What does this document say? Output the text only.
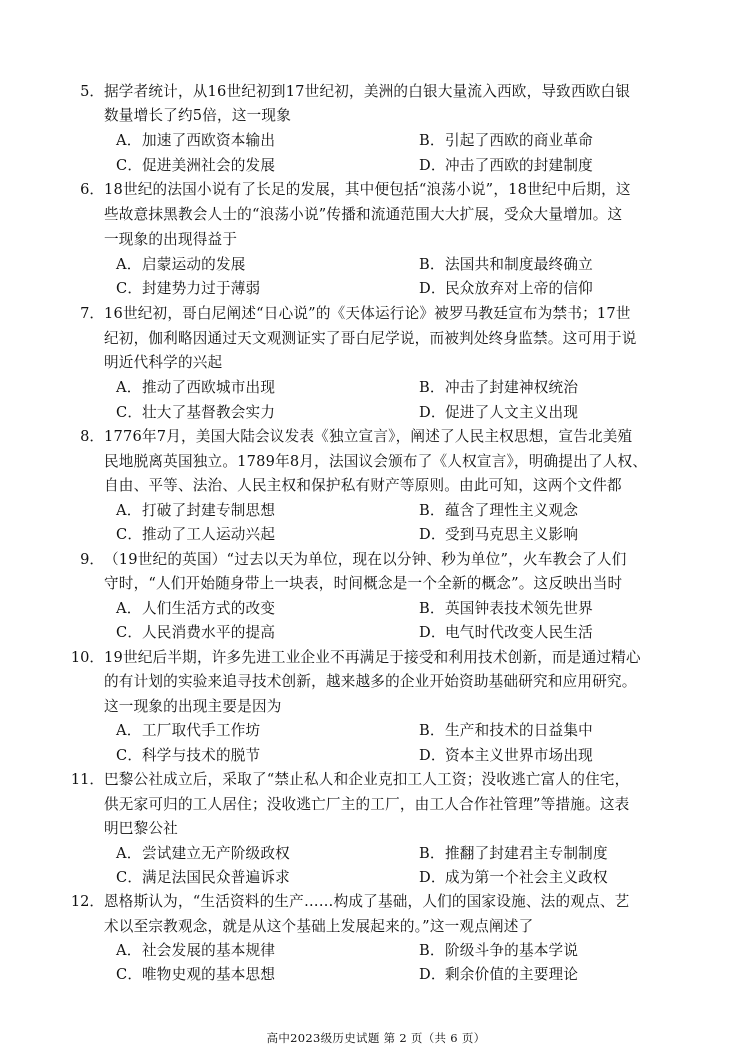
5． 据学者统计，从16世纪初到17世纪初，美洲的白银大量流入西欧，导致西欧白银
数量增长了约5倍，这一现象
A．加速了西欧资本输出	B．引起了西欧的商业革命
C．促进美洲社会的发展	D．冲击了西欧的封建制度
6． 18世纪的法国小说有了长足的发展，其中便包括“浪荡小说”，18世纪中后期，这
些故意抹黑教会人士的“浪荡小说”传播和流通范围大大扩展，受众大量增加。这
一现象的出现得益于
A．启蒙运动的发展	B．法国共和制度最终确立
C．封建势力过于薄弱	D．民众放弃对上帝的信仰
7． 16世纪初，哥白尼阐述“日心说”的《天体运行论》被罗马教廷宣布为禁书；17世
纪初，伽利略因通过天文观测证实了哥白尼学说，而被判处终身监禁。这可用于说
明近代科学的兴起
A．推动了西欧城市出现	B．冲击了封建神权统治
C．壮大了基督教会实力	D．促进了人文主义出现
8． 1776年7月，美国大陆会议发表《独立宣言》，阐述了人民主权思想，宣告北美殖
民地脱离英国独立。1789年8月，法国议会颁布了《人权宣言》，明确提出了人权、
自由、平等、法治、人民主权和保护私有财产等原则。由此可知，这两个文件都
A．打破了封建专制思想	B．蕴含了理性主义观念
C．推动了工人运动兴起	D．受到马克思主义影响
9． （19世纪的英国）“过去以天为单位，现在以分钟、秒为单位”，火车教会了人们
守时，“人们开始随身带上一块表，时间概念是一个全新的概念”。这反映出当时
A．人们生活方式的改变	B．英国钟表技术领先世界
C．人民消费水平的提高	D．电气时代改变人民生活
10． 19世纪后半期，许多先进工业企业不再满足于接受和利用技术创新，而是通过精心
的有计划的实验来追寻技术创新，越来越多的企业开始资助基础研究和应用研究。
这一现象的出现主要是因为
A．工厂取代手工作坊	B．生产和技术的日益集中
C．科学与技术的脱节	D．资本主义世界市场出现
11． 巴黎公社成立后，采取了“禁止私人和企业克扣工人工资；没收逃亡富人的住宅，
供无家可归的工人居住；没收逃亡厂主的工厂，由工人合作社管理”等措施。这表
明巴黎公社
A．尝试建立无产阶级政权	B．推翻了封建君主专制制度
C．满足法国民众普遍诉求	D．成为第一个社会主义政权
12． 恩格斯认为，“生活资料的生产……构成了基础，人们的国家设施、法的观点、艺
术以至宗教观念，就是从这个基础上发展起来的。”这一观点阐述了
A．社会发展的基本规律	B．阶级斗争的基本学说
C．唯物史观的基本思想	D．剩余价值的主要理论
高中2023级历史试题 第 2 页（共 6 页）
